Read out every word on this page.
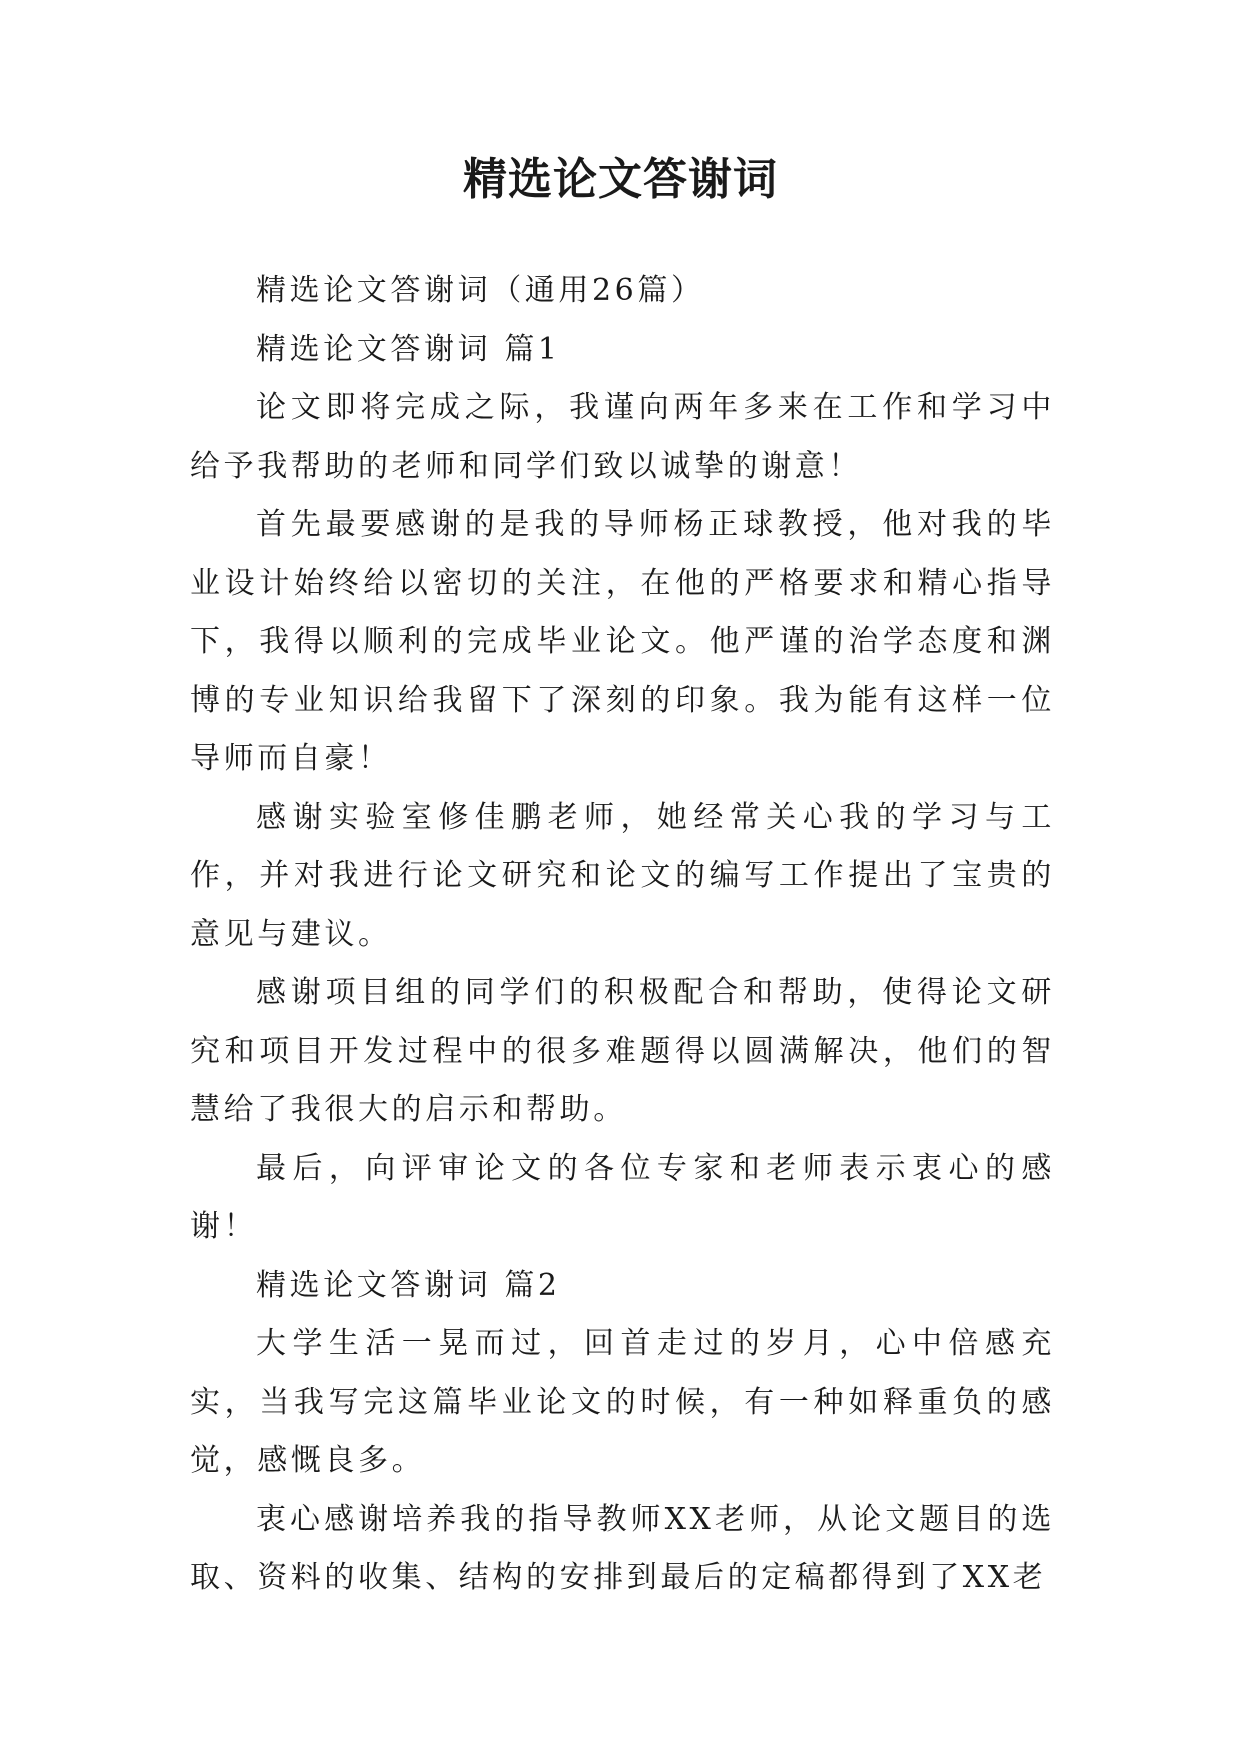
精选论文答谢词

精选论文答谢词（通用26篇）

精选论文答谢词 篇1

论文即将完成之际，我谨向两年多来在工作和学习中给予我帮助的老师和同学们致以诚挚的谢意！

首先最要感谢的是我的导师杨正球教授，他对我的毕业设计始终给以密切的关注，在他的严格要求和精心指导下，我得以顺利的完成毕业论文。他严谨的治学态度和渊博的专业知识给我留下了深刻的印象。我为能有这样一位导师而自豪！

感谢实验室修佳鹏老师，她经常关心我的学习与工作，并对我进行论文研究和论文的编写工作提出了宝贵的意见与建议。

感谢项目组的同学们的积极配合和帮助，使得论文研究和项目开发过程中的很多难题得以圆满解决，他们的智慧给了我很大的启示和帮助。

最后，向评审论文的各位专家和老师表示衷心的感谢！

精选论文答谢词 篇2

大学生活一晃而过，回首走过的岁月，心中倍感充实，当我写完这篇毕业论文的时候，有一种如释重负的感觉，感慨良多。

衷心感谢培养我的指导教师XX老师，从论文题目的选取、资料的收集、结构的安排到最后的定稿都得到了XX老
